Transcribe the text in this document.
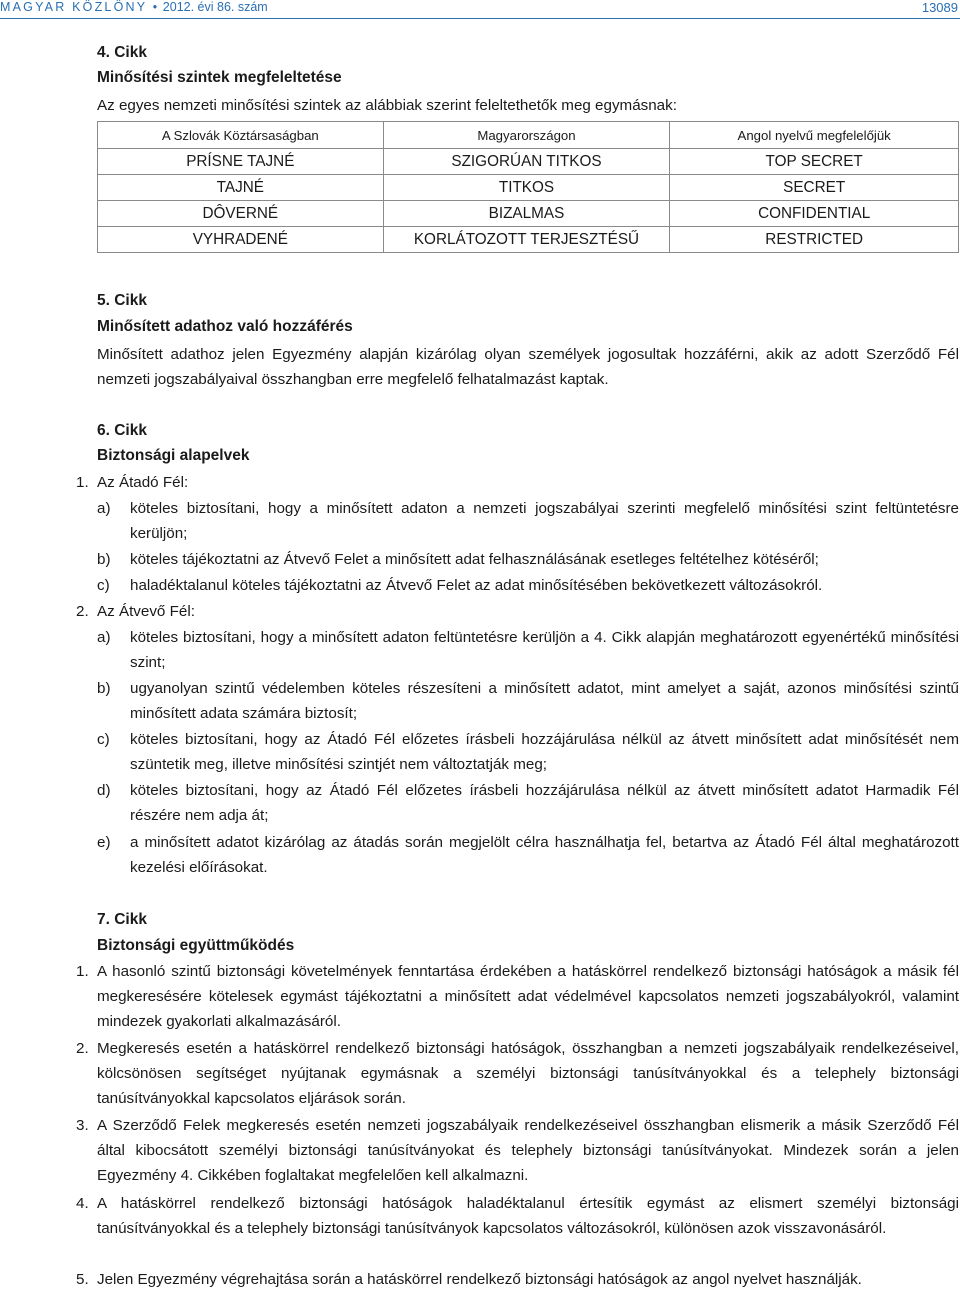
MAGYAR KÖZLÖNY • 2012. évi 86. szám	13089
4. Cikk
Minősítési szintek megfeleltetése
Az egyes nemzeti minősítési szintek az alábbiak szerint feleltethetők meg egymásnak:
A Szlovák Köztársaságban	Magyarországon	Angol nyelvű megfelelőjük
PRÍSNE TAJNÉ	SZIGORÚAN TITKOS	TOP SECRET
TAJNÉ	TITKOS	SECRET
DÔVERNÉ	BIZALMAS	CONFIDENTIAL
VYHRADENÉ	KORLÁTOZOTT TERJESZTÉSŰ	RESTRICTED
5. Cikk
Minősített adathoz való hozzáférés
Minősített adathoz jelen Egyezmény alapján kizárólag olyan személyek jogosultak hozzáférni, akik az adott Szerződő Fél nemzeti jogszabályaival összhangban erre megfelelő felhatalmazást kaptak.
6. Cikk
Biztonsági alapelvek
1. Az Átadó Fél:
a) köteles biztosítani, hogy a minősített adaton a nemzeti jogszabályai szerinti megfelelő minősítési szint feltüntetésre kerüljön;
b) köteles tájékoztatni az Átvevő Felet a minősített adat felhasználásának esetleges feltételhez kötéséről;
c) haladéktalanul köteles tájékoztatni az Átvevő Felet az adat minősítésében bekövetkezett változásokról.
2. Az Átvevő Fél:
a) köteles biztosítani, hogy a minősített adaton feltüntetésre kerüljön a 4. Cikk alapján meghatározott egyenértékű minősítési szint;
b) ugyanolyan szintű védelemben köteles részesíteni a minősített adatot, mint amelyet a saját, azonos minősítési szintű minősített adata számára biztosít;
c) köteles biztosítani, hogy az Átadó Fél előzetes írásbeli hozzájárulása nélkül az átvett minősített adat minősítését nem szüntetik meg, illetve minősítési szintjét nem változtatják meg;
d) köteles biztosítani, hogy az Átadó Fél előzetes írásbeli hozzájárulása nélkül az átvett minősített adatot Harmadik Fél részére nem adja át;
e) a minősített adatot kizárólag az átadás során megjelölt célra használhatja fel, betartva az Átadó Fél által meghatározott kezelési előírásokat.
7. Cikk
Biztonsági együttműködés
1. A hasonló szintű biztonsági követelmények fenntartása érdekében a hatáskörrel rendelkező biztonsági hatóságok a másik fél megkeresésére kötelesek egymást tájékoztatni a minősített adat védelmével kapcsolatos nemzeti jogszabályokról, valamint mindezek gyakorlati alkalmazásáról.
2. Megkeresés esetén a hatáskörrel rendelkező biztonsági hatóságok, összhangban a nemzeti jogszabályaik rendelkezéseivel, kölcsönösen segítséget nyújtanak egymásnak a személyi biztonsági tanúsítványokkal és a telephely biztonsági tanúsítványokkal kapcsolatos eljárások során.
3. A Szerződő Felek megkeresés esetén nemzeti jogszabályaik rendelkezéseivel összhangban elismerik a másik Szerződő Fél által kibocsátott személyi biztonsági tanúsítványokat és telephely biztonsági tanúsítványokat. Mindezek során a jelen Egyezmény 4. Cikkében foglaltakat megfelelően kell alkalmazni.
4. A hatáskörrel rendelkező biztonsági hatóságok haladéktalanul értesítik egymást az elismert személyi biztonsági tanúsítványokkal és a telephely biztonsági tanúsítványok kapcsolatos változásokról, különösen azok visszavonásáról.
5. Jelen Egyezmény végrehajtása során a hatáskörrel rendelkező biztonsági hatóságok az angol nyelvet használják.
